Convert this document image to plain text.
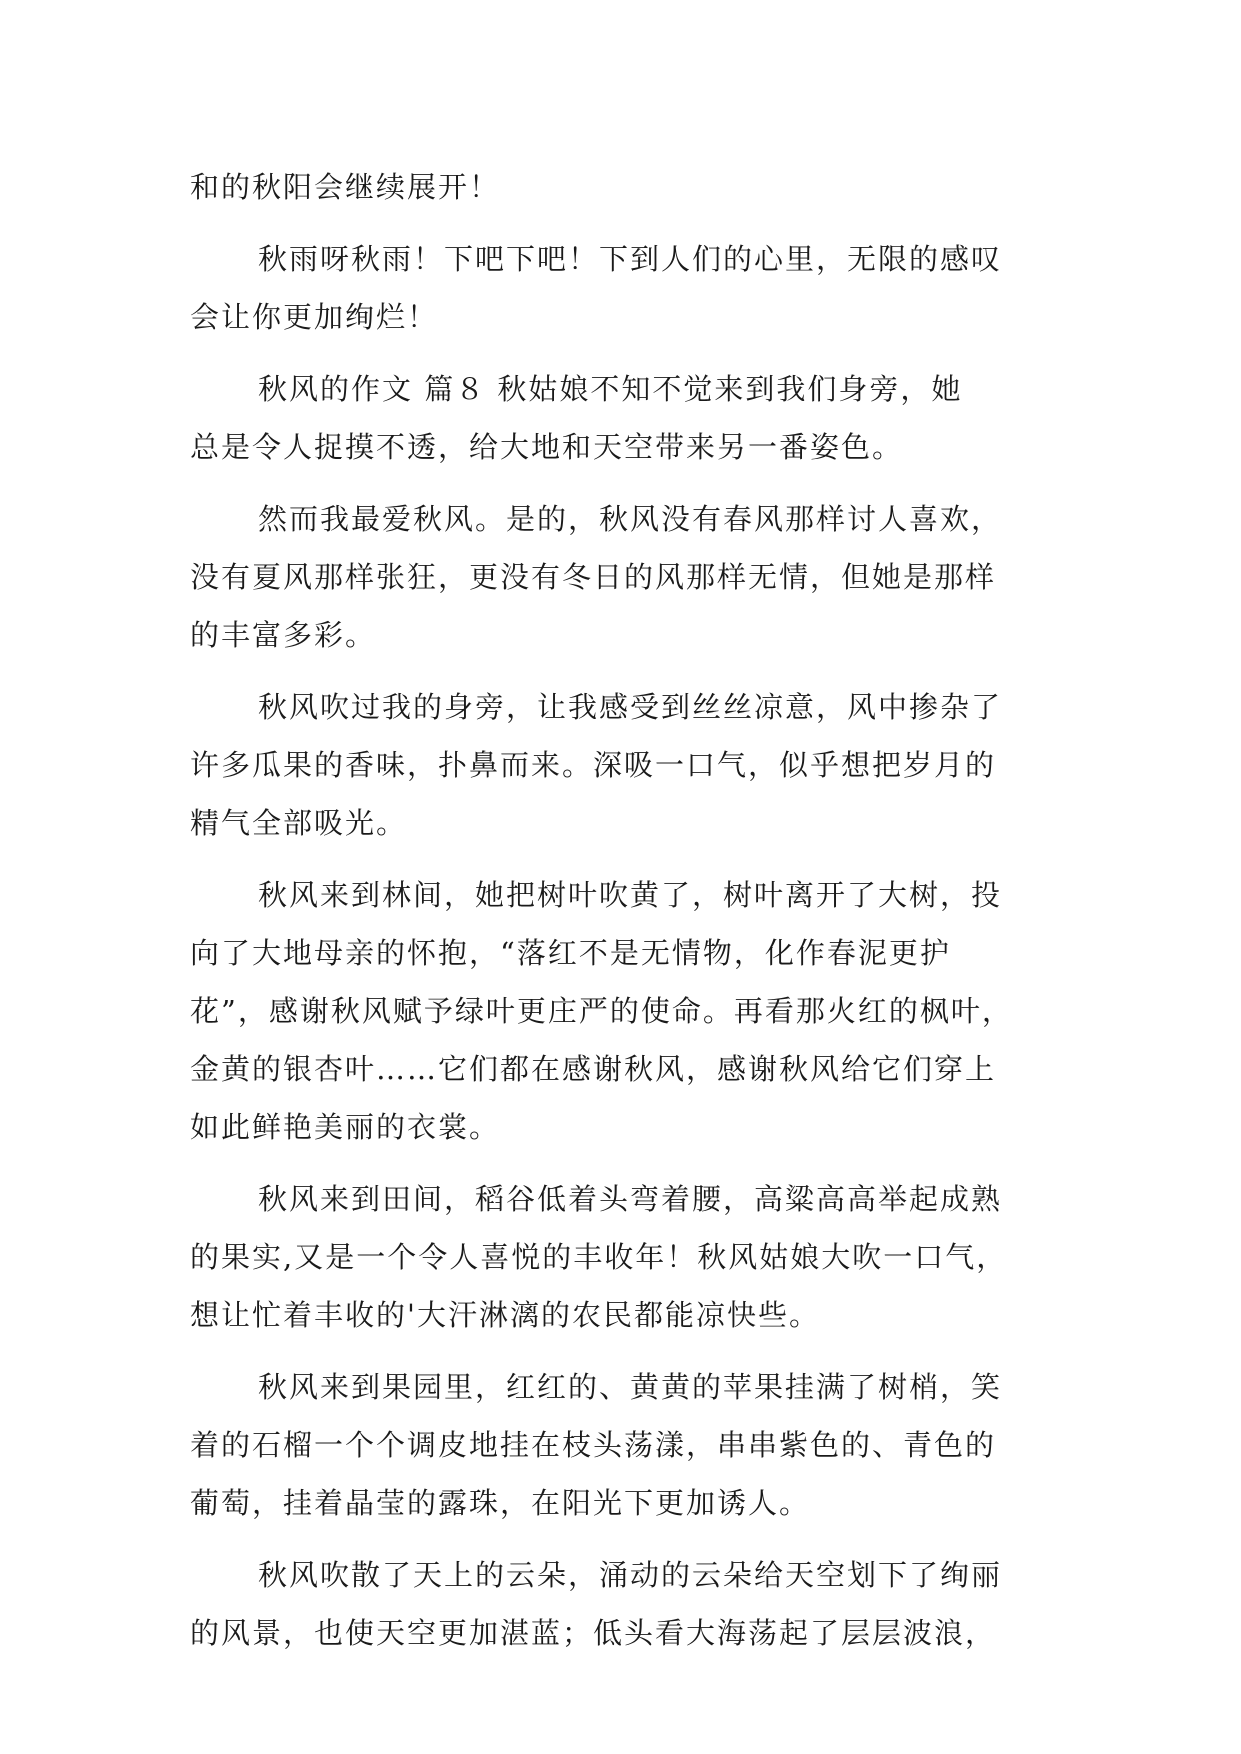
和的秋阳会继续展开！
秋雨呀秋雨！下吧下吧！下到人们的心里，无限的感叹
会让你更加绚烂！
秋风的作文 篇８ 秋姑娘不知不觉来到我们身旁，她
总是令人捉摸不透，给大地和天空带来另一番姿色。
然而我最爱秋风。是的，秋风没有春风那样讨人喜欢，
没有夏风那样张狂，更没有冬日的风那样无情，但她是那样
的丰富多彩。
秋风吹过我的身旁，让我感受到丝丝凉意，风中掺杂了
许多瓜果的香味，扑鼻而来。深吸一口气，似乎想把岁月的
精气全部吸光。
秋风来到林间，她把树叶吹黄了，树叶离开了大树，投
向了大地母亲的怀抱，“落红不是无情物，化作春泥更护
花”，感谢秋风赋予绿叶更庄严的使命。再看那火红的枫叶，
金黄的银杏叶……它们都在感谢秋风，感谢秋风给它们穿上
如此鲜艳美丽的衣裳。
秋风来到田间，稻谷低着头弯着腰，高粱高高举起成熟
的果实,又是一个令人喜悦的丰收年！秋风姑娘大吹一口气，
想让忙着丰收的'大汗淋漓的农民都能凉快些。
秋风来到果园里，红红的、黄黄的苹果挂满了树梢，笑
着的石榴一个个调皮地挂在枝头荡漾，串串紫色的、青色的
葡萄，挂着晶莹的露珠，在阳光下更加诱人。
秋风吹散了天上的云朵，涌动的云朵给天空划下了绚丽
的风景，也使天空更加湛蓝；低头看大海荡起了层层波浪，
